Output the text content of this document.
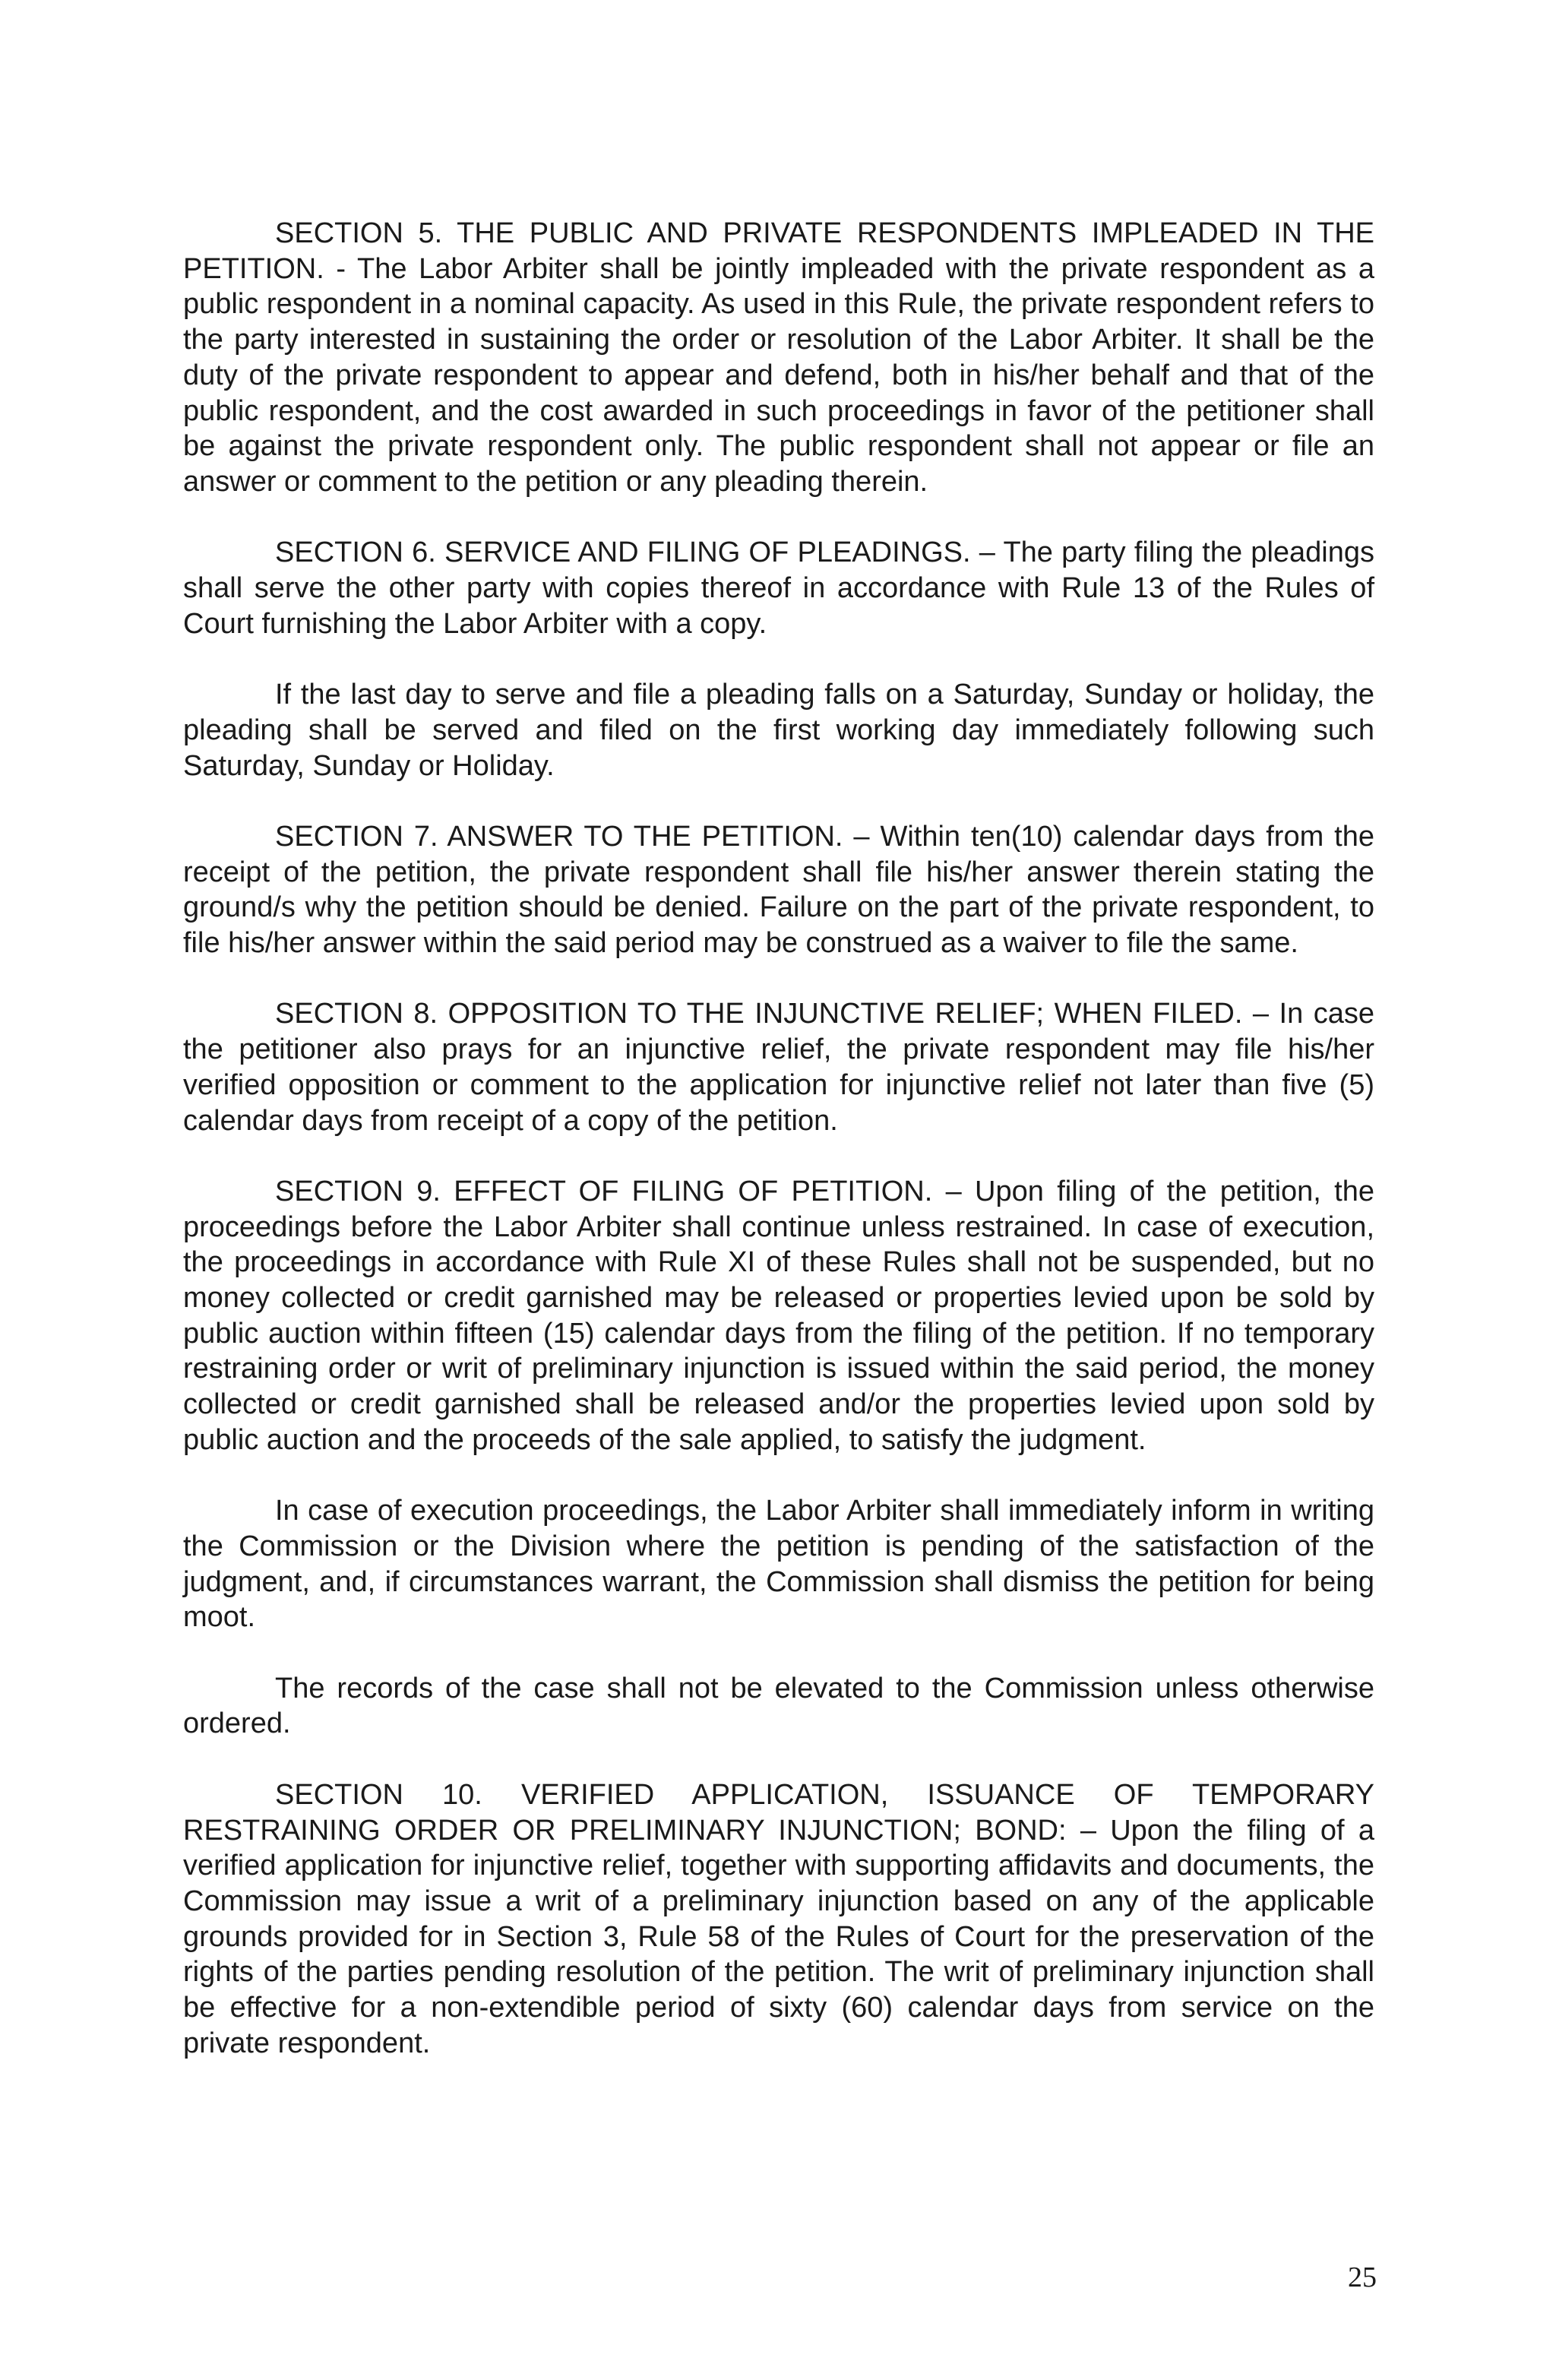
SECTION 5. THE PUBLIC AND PRIVATE RESPONDENTS IMPLEADED IN THE PETITION. - The Labor Arbiter shall be jointly impleaded with the private respondent as a public respondent in a nominal capacity. As used in this Rule, the private respondent refers to the party interested in sustaining the order or resolution of the Labor Arbiter. It shall be the duty of the private respondent to appear and defend, both in his/her behalf and that of the public respondent, and the cost awarded in such proceedings in favor of the petitioner shall be against the private respondent only. The public respondent shall not appear or file an answer or comment to the petition or any pleading therein.

SECTION 6. SERVICE AND FILING OF PLEADINGS. – The party filing the pleadings shall serve the other party with copies thereof in accordance with Rule 13 of the Rules of Court furnishing the Labor Arbiter with a copy.

If the last day to serve and file a pleading falls on a Saturday, Sunday or holiday, the pleading shall be served and filed on the first working day immediately following such Saturday, Sunday or Holiday.

SECTION 7. ANSWER TO THE PETITION. – Within ten(10) calendar days from the receipt of the petition, the private respondent shall file his/her answer therein stating the ground/s why the petition should be denied. Failure on the part of the private respondent, to file his/her answer within the said period may be construed as a waiver to file the same.

SECTION 8. OPPOSITION TO THE INJUNCTIVE RELIEF; WHEN FILED. – In case the petitioner also prays for an injunctive relief, the private respondent may file his/her verified opposition or comment to the application for injunctive relief not later than five (5) calendar days from receipt of a copy of the petition.

SECTION 9. EFFECT OF FILING OF PETITION. – Upon filing of the petition, the proceedings before the Labor Arbiter shall continue unless restrained. In case of execution, the proceedings in accordance with Rule XI of these Rules shall not be suspended, but no money collected or credit garnished may be released or properties levied upon be sold by public auction within fifteen (15) calendar days from the filing of the petition. If no temporary restraining order or writ of preliminary injunction is issued within the said period, the money collected or credit garnished shall be released and/or the properties levied upon sold by public auction and the proceeds of the sale applied, to satisfy the judgment.

In case of execution proceedings, the Labor Arbiter shall immediately inform in writing the Commission or the Division where the petition is pending of the satisfaction of the judgment, and, if circumstances warrant, the Commission shall dismiss the petition for being moot.

The records of the case shall not be elevated to the Commission unless otherwise ordered.

SECTION 10. VERIFIED APPLICATION, ISSUANCE OF TEMPORARY RESTRAINING ORDER OR PRELIMINARY INJUNCTION; BOND: – Upon the filing of a verified application for injunctive relief, together with supporting affidavits and documents, the Commission may issue a writ of a preliminary injunction based on any of the applicable grounds provided for in Section 3, Rule 58 of the Rules of Court for the preservation of the rights of the parties pending resolution of the petition. The writ of preliminary injunction shall be effective for a non-extendible period of sixty (60) calendar days from service on the private respondent.

25
